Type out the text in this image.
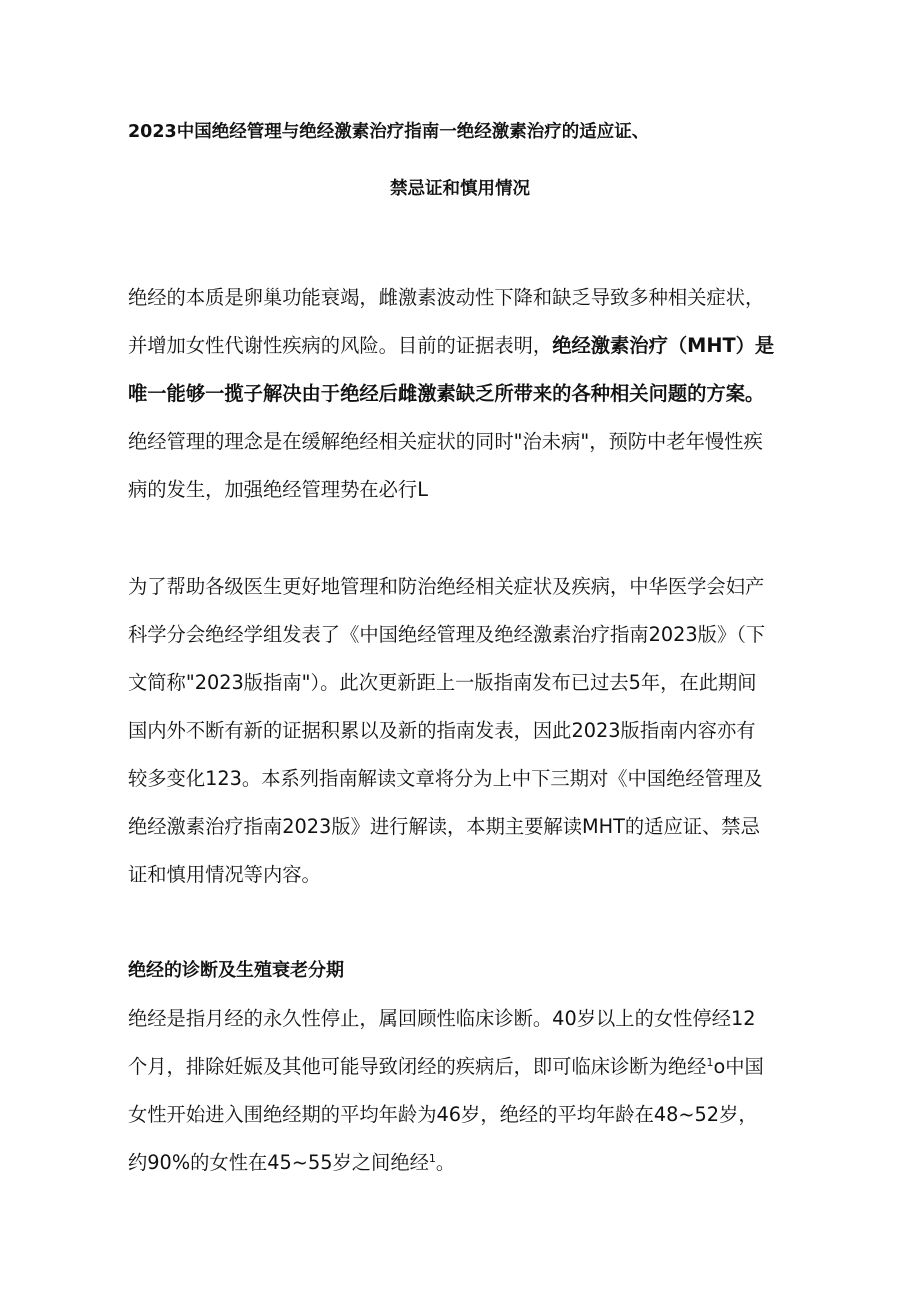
2023中国绝经管理与绝经激素治疗指南一绝经激素治疗的适应证、
禁忌证和慎用情况
绝经的本质是卵巢功能衰竭，雌激素波动性下降和缺乏导致多种相关症状，
并增加女性代谢性疾病的风险。目前的证据表明，绝经激素治疗（MHT）是
唯一能够一揽子解决由于绝经后雌激素缺乏所带来的各种相关问题的方案。
绝经管理的理念是在缓解绝经相关症状的同时"治未病"，预防中老年慢性疾
病的发生，加强绝经管理势在必行L
为了帮助各级医生更好地管理和防治绝经相关症状及疾病，中华医学会妇产
科学分会绝经学组发表了《中国绝经管理及绝经激素治疗指南2023版》（下
文简称"2023版指南"）。此次更新距上一版指南发布已过去5年，在此期间
国内外不断有新的证据积累以及新的指南发表，因此2023版指南内容亦有
较多变化123。本系列指南解读文章将分为上中下三期对《中国绝经管理及
绝经激素治疗指南2023版》进行解读，本期主要解读MHT的适应证、禁忌
证和慎用情况等内容。
绝经的诊断及生殖衰老分期
绝经是指月经的永久性停止，属回顾性临床诊断。40岁以上的女性停经12
个月，排除妊娠及其他可能导致闭经的疾病后，即可临床诊断为绝经$^1$o中国
女性开始进入围绝经期的平均年龄为46岁，绝经的平均年龄在48~52岁，
约90%的女性在45~55岁之间绝经$^1$。
